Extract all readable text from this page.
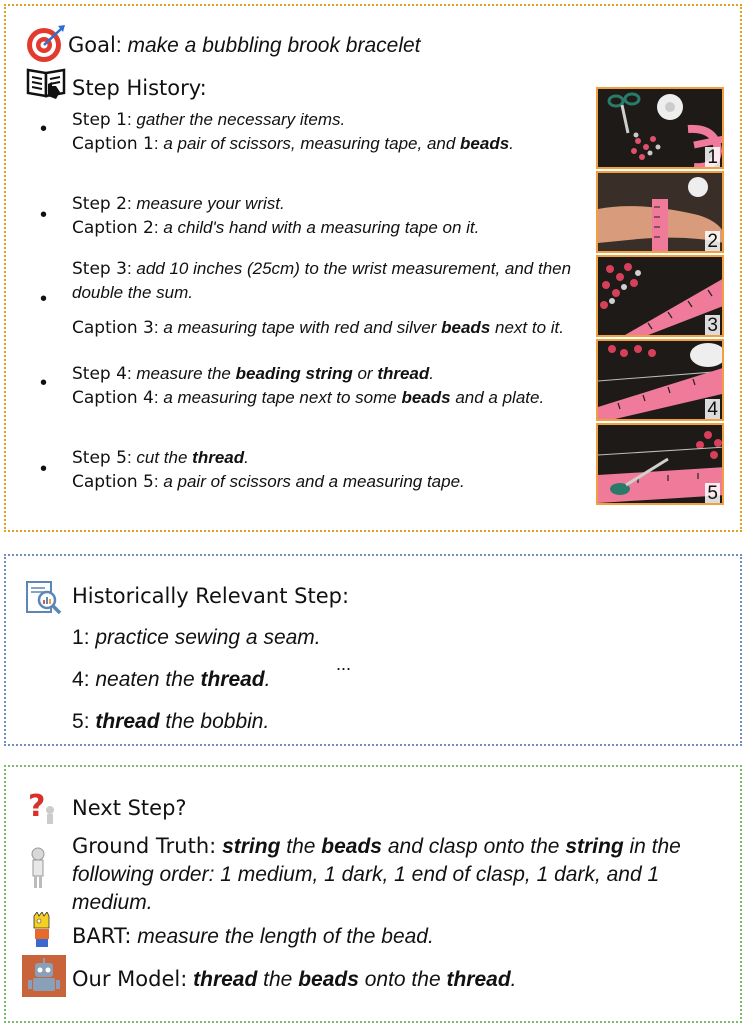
Goal: make a bubbling brook bracelet
Step History:
• Step 1: gather the necessary items.
Caption 1: a pair of scissors, measuring tape, and beads.
• Step 2: measure your wrist.
Caption 2: a child's hand with a measuring tape on it.
•
Step 3: add 10 inches (25cm) to the wrist measurement, and then double the sum.
Caption 3: a measuring tape with red and silver beads next to it.
• Step 4: measure the beading string or thread.
Caption 4: a measuring tape next to some beads and a plate.
• Step 5: cut the thread.
Caption 5: a pair of scissors and a measuring tape.
1
2
3
4
5
Historically Relevant Step:
1: practice sewing a seam.
...
4: neaten the thread.
5: thread the bobbin.
? Next Step?
Ground Truth: string the beads and clasp onto the string in the following order: 1 medium, 1 dark, 1 end of clasp, 1 dark, and 1 medium.
BART: measure the length of the bead.
Our Model: thread the beads onto the thread.
